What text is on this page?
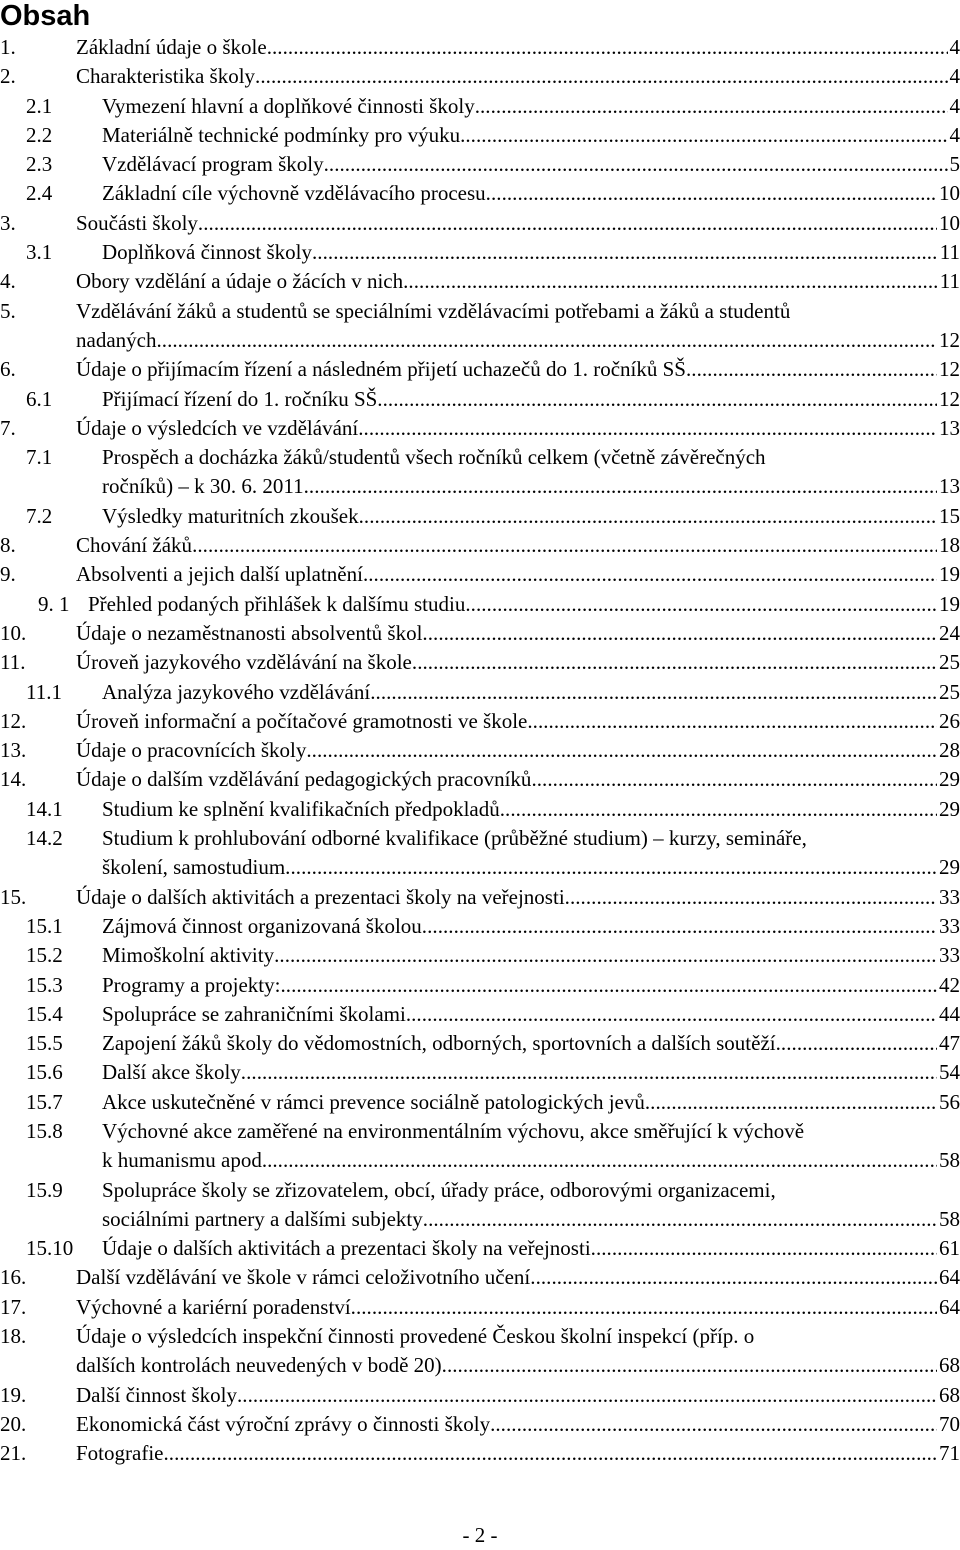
Obsah
1.	Základní údaje o škole . . .	4
2.	Charakteristika školy . . .	4
2.1	Vymezení hlavní a doplňkové činnosti školy . . .	4
2.2	Materiálně technické podmínky pro výuku . . .	4
2.3	Vzdělávací program školy . . .	5
2.4	Základní cíle výchovně vzdělávacího procesu . . .	10
3.	Součásti školy . . .	10
3.1	Doplňková činnost školy . . .	11
4.	Obory vzdělání a údaje o žácích v nich . . .	11
5.	Vzdělávání žáků a studentů se speciálními vzdělávacími potřebami a žáků a studentů
nadaných . . .	12
6.	Údaje o přijímacím řízení a následném přijetí uchazečů do 1. ročníků SŠ . . .	12
6.1	Přijímací řízení do 1. ročníku SŠ . . .	12
7.	Údaje o výsledcích ve vzdělávání . . .	13
7.1	Prospěch a docházka žáků/studentů všech ročníků celkem (včetně závěrečných
ročníků) – k 30. 6. 2011 . . .	13
7.2	Výsledky maturitních zkoušek . . .	15
8.	Chování žáků . . .	18
9.	Absolventi a jejich další uplatnění . . .	19
9. 1 Přehled podaných přihlášek k dalšímu studiu . . .	19
10.	Údaje o nezaměstnanosti absolventů škol . . .	24
11.	Úroveň jazykového vzdělávání na škole . . .	25
11.1	Analýza jazykového vzdělávání . . .	25
12.	Úroveň informační a počítačové gramotnosti ve škole . . .	26
13.	Údaje o pracovnících školy . . .	28
14.	Údaje o dalším vzdělávání pedagogických pracovníků . . .	29
14.1	Studium ke splnění kvalifikačních předpokladů . . .	29
14.2	Studium k prohlubování odborné kvalifikace (průběžné studium) – kurzy, semináře,
školení, samostudium . . .	29
15.	Údaje o dalších aktivitách a prezentaci školy na veřejnosti . . .	33
15.1	Zájmová činnost organizovaná školou . . .	33
15.2	Mimoškolní aktivity . . .	33
15.3	Programy a projekty: . . .	42
15.4	Spolupráce se zahraničními školami . . .	44
15.5	Zapojení žáků školy do vědomostních, odborných, sportovních a dalších soutěží . . .	47
15.6	Další akce školy . . .	54
15.7	Akce uskutečněné v rámci prevence sociálně patologických jevů . . .	56
15.8	Výchovné akce zaměřené na environmentálním výchovu, akce směřující k výchově
k humanismu apod. . . .	58
15.9	Spolupráce školy se zřizovatelem, obcí, úřady práce, odborovými organizacemi,
sociálními partnery a dalšími subjekty . . .	58
15.10	Údaje o dalších aktivitách a prezentaci školy na veřejnosti . . .	61
16.	Další vzdělávání ve škole v rámci celoživotního učení . . .	64
17.	Výchovné a kariérní poradenství . . .	64
18.	Údaje o výsledcích inspekční činnosti provedené Českou školní inspekcí (příp. o
dalších kontrolách neuvedených v bodě 20) . . .	68
19.	Další činnost školy . . .	68
20.	Ekonomická část výroční zprávy o činnosti školy . . .	70
21.	Fotografie . . .	71
- 2 -
